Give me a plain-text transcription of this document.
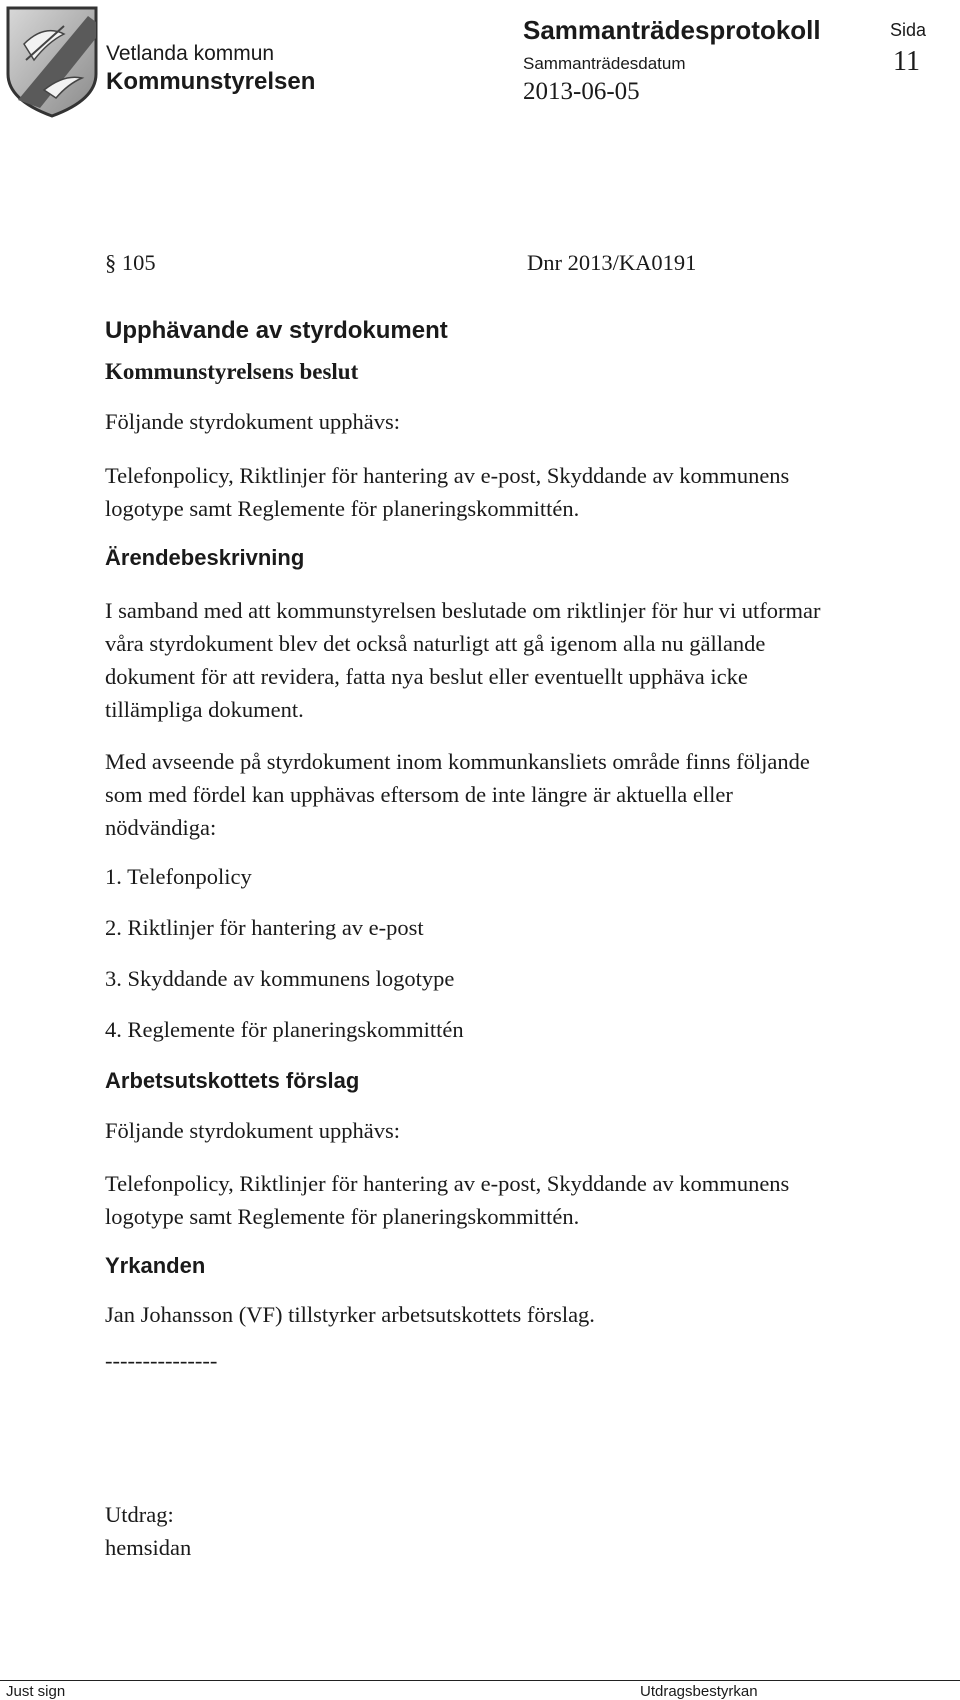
Vetlanda kommun
Kommunstyrelsen
Sammanträdesprotokoll
Sammanträdesdatum
2013-06-05
Sida
11
§ 105	Dnr 2013/KA0191
Upphävande av styrdokument
Kommunstyrelsens beslut
Följande styrdokument upphävs:
Telefonpolicy, Riktlinjer för hantering av e-post, Skyddande av kommunens
logotype samt Reglemente för planeringskommittén.
Ärendebeskrivning
I samband med att kommunstyrelsen beslutade om riktlinjer för hur vi utformar
våra styrdokument blev det också naturligt att gå igenom alla nu gällande
dokument för att revidera, fatta nya beslut eller eventuellt upphäva icke
tillämpliga dokument.
Med avseende på styrdokument inom kommunkansliets område finns följande
som med fördel kan upphävas eftersom de inte längre är aktuella eller
nödvändiga:
1. Telefonpolicy
2. Riktlinjer för hantering av e-post
3. Skyddande av kommunens logotype
4. Reglemente för planeringskommittén
Arbetsutskottets förslag
Följande styrdokument upphävs:
Telefonpolicy, Riktlinjer för hantering av e-post, Skyddande av kommunens
logotype samt Reglemente för planeringskommittén.
Yrkanden
Jan Johansson (VF) tillstyrker arbetsutskottets förslag.
---------------
Utdrag:
hemsidan
Just sign	Utdragsbestyrkan
